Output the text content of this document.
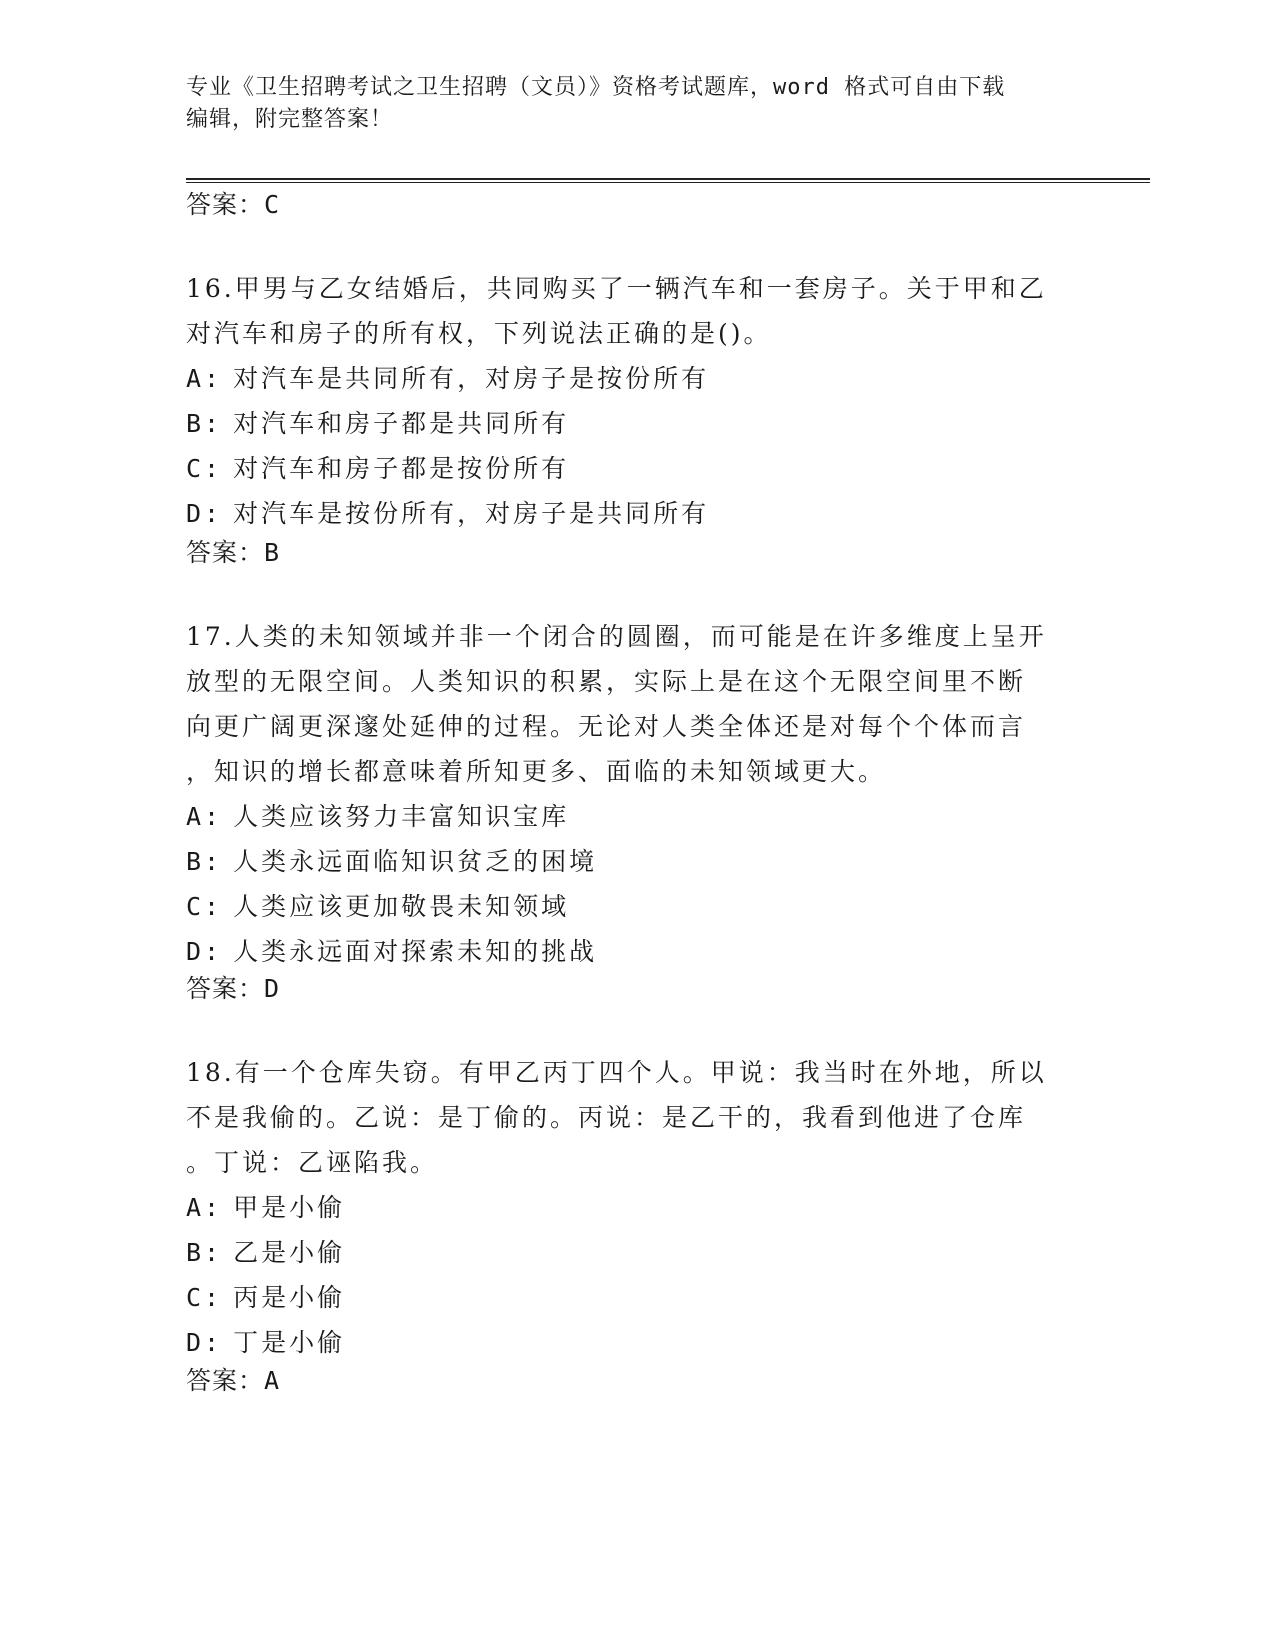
专业《卫生招聘考试之卫生招聘（文员）》资格考试题库，word 格式可自由下载
编辑，附完整答案！
答案：C
16.甲男与乙女结婚后，共同购买了一辆汽车和一套房子。关于甲和乙
对汽车和房子的所有权，下列说法正确的是()。
A: 对汽车是共同所有，对房子是按份所有
B: 对汽车和房子都是共同所有
C: 对汽车和房子都是按份所有
D: 对汽车是按份所有，对房子是共同所有
答案：B
17.人类的未知领域并非一个闭合的圆圈，而可能是在许多维度上呈开
放型的无限空间。人类知识的积累，实际上是在这个无限空间里不断
向更广阔更深邃处延伸的过程。无论对人类全体还是对每个个体而言
，知识的增长都意味着所知更多、面临的未知领域更大。
A: 人类应该努力丰富知识宝库
B: 人类永远面临知识贫乏的困境
C: 人类应该更加敬畏未知领域
D: 人类永远面对探索未知的挑战
答案：D
18.有一个仓库失窃。有甲乙丙丁四个人。甲说：我当时在外地，所以
不是我偷的。乙说：是丁偷的。丙说：是乙干的，我看到他进了仓库
。丁说：乙诬陷我。
A: 甲是小偷
B: 乙是小偷
C: 丙是小偷
D: 丁是小偷
答案：A
